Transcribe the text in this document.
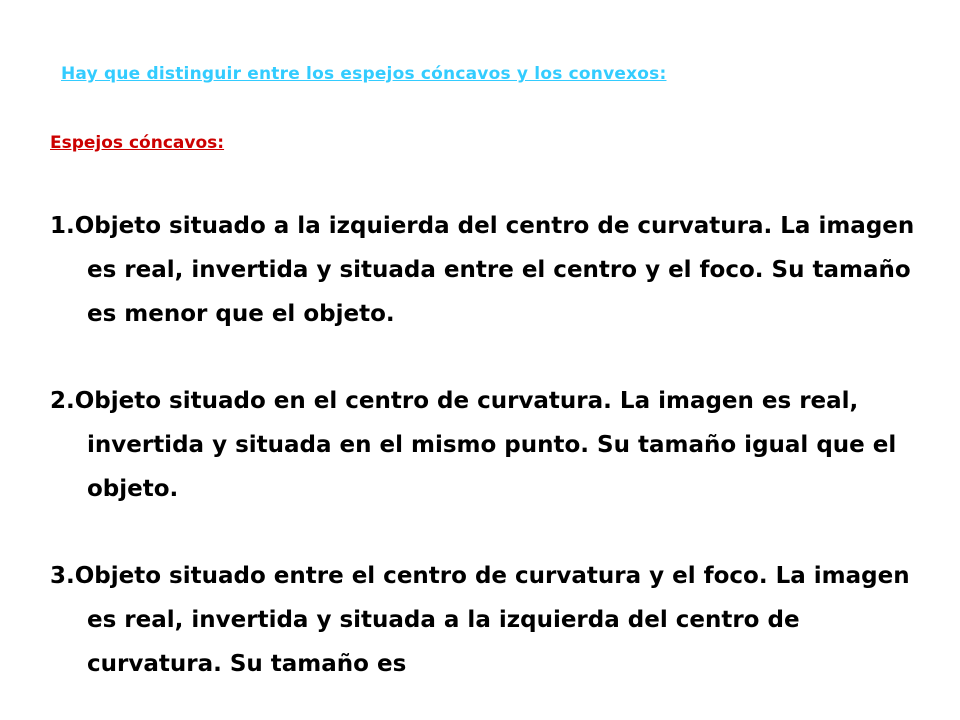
Hay que distinguir entre los espejos cóncavos y los convexos:
Espejos cóncavos:
1.Objeto situado a la izquierda del centro de curvatura. La imagen es real, invertida y situada entre el centro y el foco. Su tamaño es menor que el objeto.
2.Objeto situado en el centro de curvatura. La imagen es real, invertida y situada en el mismo punto. Su tamaño igual que el objeto.
3.Objeto situado entre el centro de curvatura y el foco. La imagen es real, invertida y situada a la izquierda del centro de curvatura. Su tamaño es
